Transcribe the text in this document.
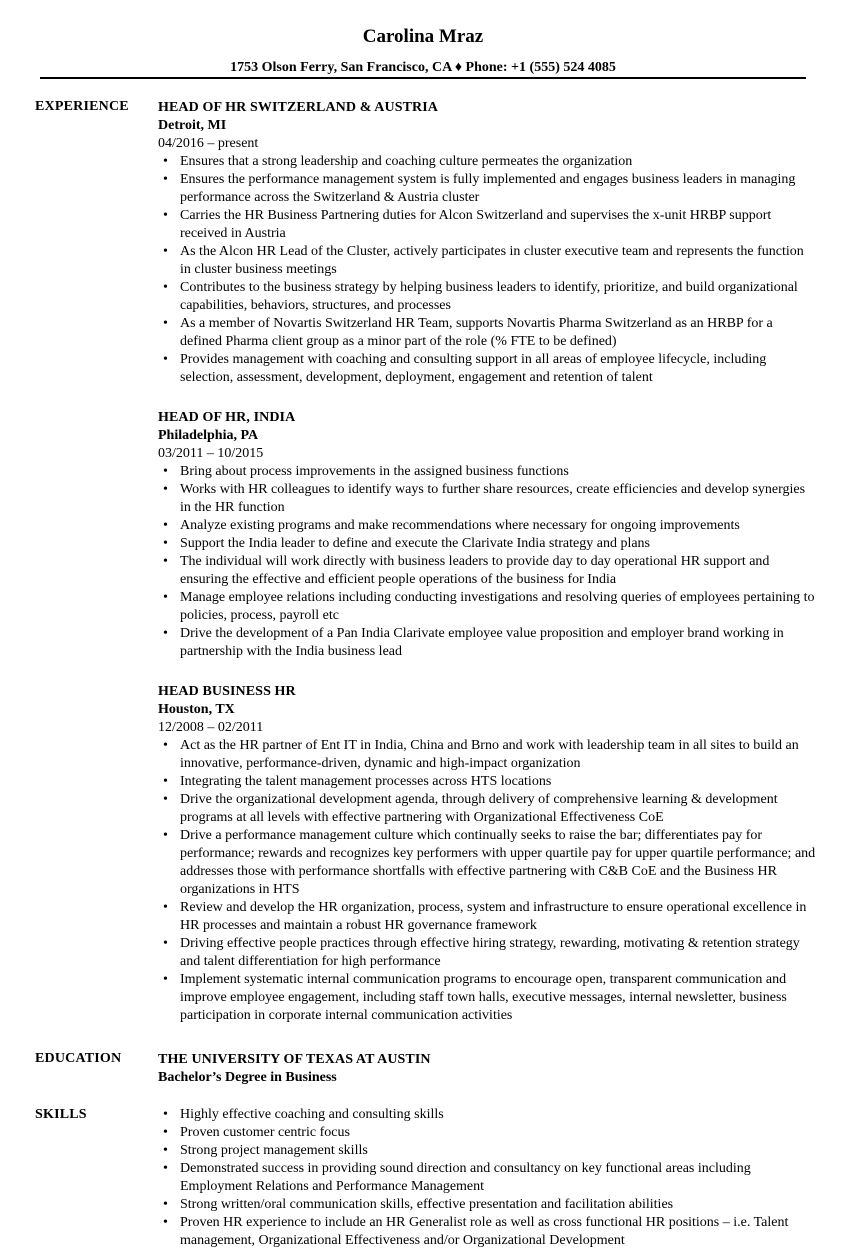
Carolina Mraz
1753 Olson Ferry, San Francisco, CA ♦ Phone: +1 (555) 524 4085
EXPERIENCE
EDUCATION
SKILLS
HEAD OF HR SWITZERLAND & AUSTRIA
Detroit, MI
04/2016 – present
• Ensures that a strong leadership and coaching culture permeates the organization
• Ensures the performance management system is fully implemented and engages business leaders in managing performance across the Switzerland & Austria cluster
• Carries the HR Business Partnering duties for Alcon Switzerland and supervises the x-unit HRBP support received in Austria
• As the Alcon HR Lead of the Cluster, actively participates in cluster executive team and represents the function in cluster business meetings
• Contributes to the business strategy by helping business leaders to identify, prioritize, and build organizational capabilities, behaviors, structures, and processes
• As a member of Novartis Switzerland HR Team, supports Novartis Pharma Switzerland as an HRBP for a defined Pharma client group as a minor part of the role (% FTE to be defined)
• Provides management with coaching and consulting support in all areas of employee lifecycle, including selection, assessment, development, deployment, engagement and retention of talent
HEAD OF HR, INDIA
Philadelphia, PA
03/2011 – 10/2015
• Bring about process improvements in the assigned business functions
• Works with HR colleagues to identify ways to further share resources, create efficiencies and develop synergies in the HR function
• Analyze existing programs and make recommendations where necessary for ongoing improvements
• Support the India leader to define and execute the Clarivate India strategy and plans
• The individual will work directly with business leaders to provide day to day operational HR support and ensuring the effective and efficient people operations of the business for India
• Manage employee relations including conducting investigations and resolving queries of employees pertaining to policies, process, payroll etc
• Drive the development of a Pan India Clarivate employee value proposition and employer brand working in partnership with the India business lead
HEAD BUSINESS HR
Houston, TX
12/2008 – 02/2011
• Act as the HR partner of Ent IT in India, China and Brno and work with leadership team in all sites to build an innovative, performance-driven, dynamic and high-impact organization
• Integrating the talent management processes across HTS locations
• Drive the organizational development agenda, through delivery of comprehensive learning & development programs at all levels with effective partnering with Organizational Effectiveness CoE
• Drive a performance management culture which continually seeks to raise the bar; differentiates pay for performance; rewards and recognizes key performers with upper quartile pay for upper quartile performance; and addresses those with performance shortfalls with effective partnering with C&B CoE and the Business HR organizations in HTS
• Review and develop the HR organization, process, system and infrastructure to ensure operational excellence in HR processes and maintain a robust HR governance framework
• Driving effective people practices through effective hiring strategy, rewarding, motivating & retention strategy and talent differentiation for high performance
• Implement systematic internal communication programs to encourage open, transparent communication and improve employee engagement, including staff town halls, executive messages, internal newsletter, business participation in corporate internal communication activities
THE UNIVERSITY OF TEXAS AT AUSTIN
Bachelor’s Degree in Business
• Highly effective coaching and consulting skills
• Proven customer centric focus
• Strong project management skills
• Demonstrated success in providing sound direction and consultancy on key functional areas including Employment Relations and Performance Management
• Strong written/oral communication skills, effective presentation and facilitation abilities
• Proven HR experience to include an HR Generalist role as well as cross functional HR positions – i.e. Talent management, Organizational Effectiveness and/or Organizational Development
